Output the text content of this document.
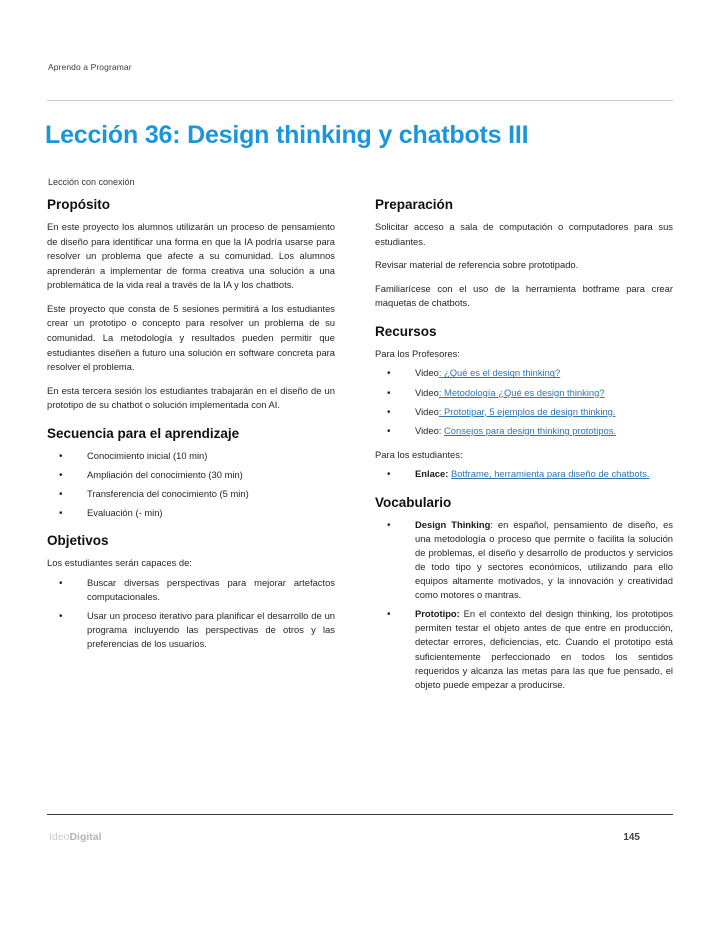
Aprendo a Programar
Lección 36: Design thinking y chatbots III
Lección con conexión
Propósito

En este proyecto los alumnos utilizarán un proceso de pensamiento de diseño para identificar una forma en que la IA podría usarse para resolver un problema que afecte a su comunidad. Los alumnos aprenderán a implementar de forma creativa una solución a una problemática de la vida real a través de la IA y los chatbots.

Este proyecto que consta de 5 sesiones permitirá a los estudiantes crear un prototipo o concepto para resolver un problema de su comunidad. La metodología y resultados pueden permitir que estudiantes diseñen a futuro una solución en software concreta para resolver el problema.

En esta tercera sesión los estudiantes trabajarán en el diseño de un prototipo de su chatbot o solución implementada con AI.

Secuencia para el aprendizaje
• Conocimiento inicial (10 min)
• Ampliación del conocimiento (30 min)
• Transferencia del conocimiento (5 min)
• Evaluación (- min)
Objetivos

Los estudiantes serán capaces de:

• Buscar diversas perspectivas para mejorar artefactos computacionales.
• Usar un proceso iterativo para planificar el desarrollo de un programa incluyendo las perspectivas de otros y las preferencias de los usuarios.
Preparación

Solicitar acceso a sala de computación o computadores para sus estudiantes.

Revisar material de referencia sobre prototipado.

Familiarícese con el uso de la herramienta botframe para crear maquetas de chatbots.

Recursos

Para los Profesores:

• Video: ¿Qué es el design thinking?
• Video: Metodología ¿Qué es design thinking?
• Video: Prototipar, 5 ejemplos de design thinking.
• Video: Consejos para design thinking prototipos.

Para los estudiantes:

• Enlace: Botframe, herramienta para diseño de chatbots.
Vocabulario
• Design Thinking: en español, pensamiento de diseño, es una metodología o proceso que permite o facilita la solución de problemas, el diseño y desarrollo de productos y servicios de todo tipo y sectores económicos, utilizando para ello equipos altamente motivados, y la innovación y creatividad como motores o mantras.
• Prototipo: En el contexto del design thinking, los prototipos permiten testar el objeto antes de que entre en producción, detectar errores, deficiencias, etc. Cuando el prototipo está suficientemente perfeccionado en todos los sentidos requeridos y alcanza las metas para las que fue pensado, el objeto puede empezar a producirse.
IdeoDigital	145
